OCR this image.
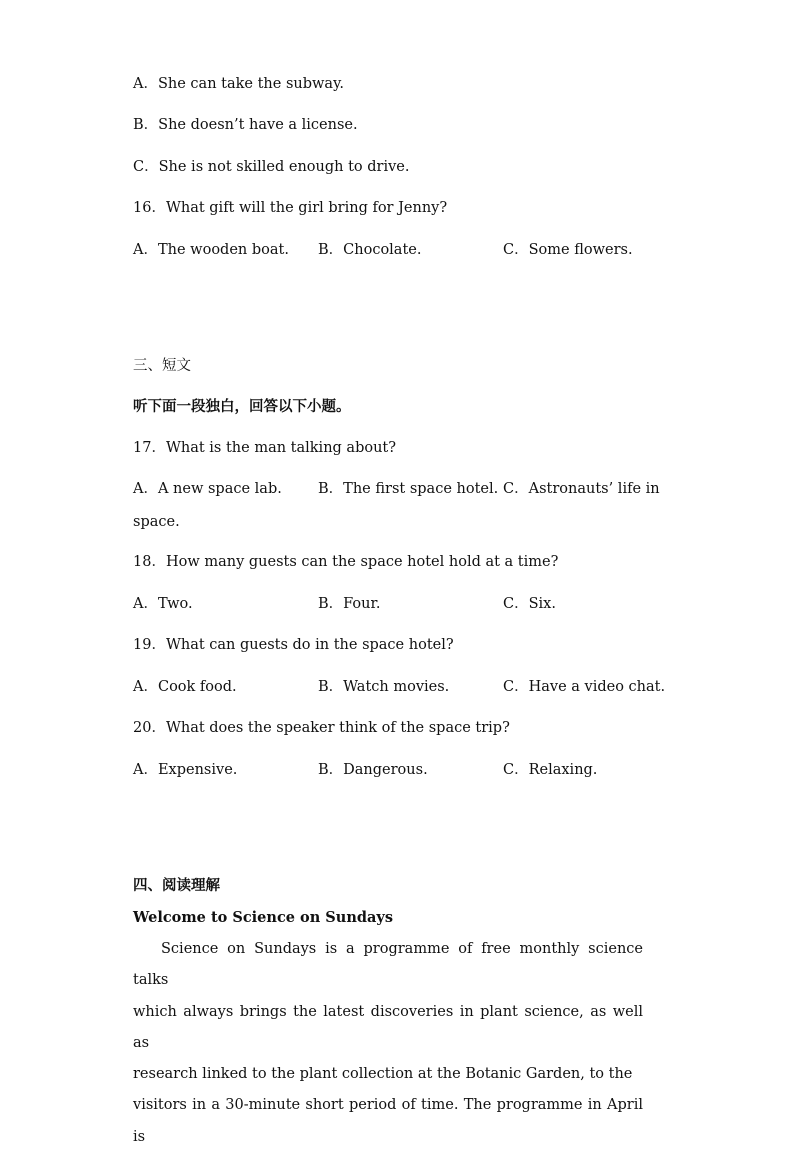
A．She can take the subway.
B．She doesn’t have a license.
C．She is not skilled enough to drive.
16．What gift will the girl bring for Jenny?
A．The wooden boat. B．Chocolate.	C．Some flowers.
三、短文
听下面一段独白，回答以下小题。
17．What is the man talking about?
A．A new space lab. B．The first space hotel. C．Astronauts’ life in
space.
18．How many guests can the space hotel hold at a time?
A．Two.	B．Four.	C．Six.
19．What can guests do in the space hotel?
A．Cook food.	B．Watch movies.	C．Have a video chat.
20．What does the speaker think of the space trip?
A．Expensive.	B．Dangerous.	C．Relaxing.
四、阅读理解
Welcome to Science on Sundays
Science on Sundays is a programme of free monthly science talks
which always brings the latest discoveries in plant science, as well as
research linked to the plant collection at the Botanic Garden, to the
visitors in a 30-minute short period of time. The programme in April is
